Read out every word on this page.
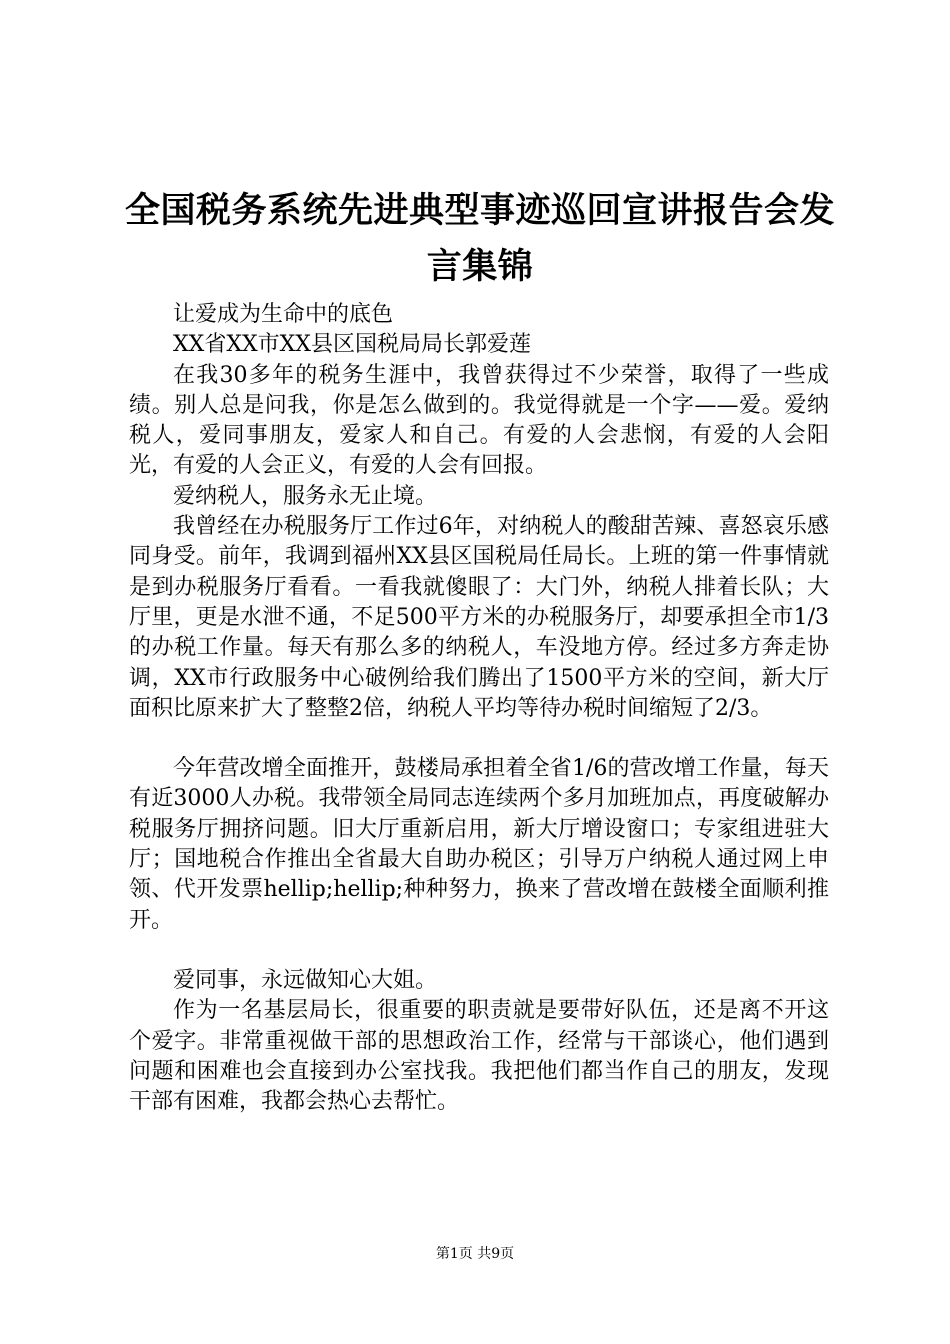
全国税务系统先进典型事迹巡回宣讲报告会发言集锦

让爱成为生命中的底色

XX省XX市XX县区国税局局长郭爱莲

在我30多年的税务生涯中，我曾获得过不少荣誉，取得了一些成绩。别人总是问我，你是怎么做到的。我觉得就是一个字——爱。爱纳税人，爱同事朋友，爱家人和自己。有爱的人会悲悯，有爱的人会阳光，有爱的人会正义，有爱的人会有回报。

爱纳税人，服务永无止境。

我曾经在办税服务厅工作过6年，对纳税人的酸甜苦辣、喜怒哀乐感同身受。前年，我调到福州XX县区国税局任局长。上班的第一件事情就是到办税服务厅看看。一看我就傻眼了：大门外，纳税人排着长队；大厅里，更是水泄不通，不足500平方米的办税服务厅，却要承担全市1/3的办税工作量。每天有那么多的纳税人，车没地方停。经过多方奔走协调，XX市行政服务中心破例给我们腾出了1500平方米的空间，新大厅面积比原来扩大了整整2倍，纳税人平均等待办税时间缩短了2/3。

今年营改增全面推开，鼓楼局承担着全省1/6的营改增工作量，每天有近3000人办税。我带领全局同志连续两个多月加班加点，再度破解办税服务厅拥挤问题。旧大厅重新启用，新大厅增设窗口；专家组进驻大厅；国地税合作推出全省最大自助办税区；引导万户纳税人通过网上申领、代开发票hellip;hellip;种种努力，换来了营改增在鼓楼全面顺利推开。

爱同事，永远做知心大姐。

作为一名基层局长，很重要的职责就是要带好队伍，还是离不开这个爱字。非常重视做干部的思想政治工作，经常与干部谈心，他们遇到问题和困难也会直接到办公室找我。我把他们都当作自己的朋友，发现干部有困难，我都会热心去帮忙。

第1页 共9页
